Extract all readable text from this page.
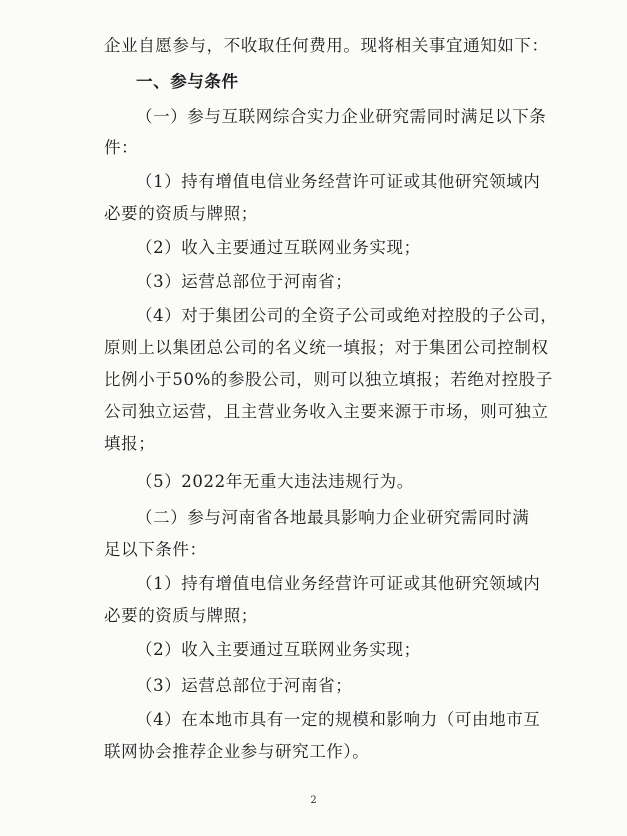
企业自愿参与，不收取任何费用。现将相关事宜通知如下：
一、参与条件
（一）参与互联网综合实力企业研究需同时满足以下条
件：
（1）持有增值电信业务经营许可证或其他研究领域内
必要的资质与牌照；
（2）收入主要通过互联网业务实现；
（3）运营总部位于河南省；
（4）对于集团公司的全资子公司或绝对控股的子公司，
原则上以集团总公司的名义统一填报；对于集团公司控制权
比例小于50%的参股公司，则可以独立填报；若绝对控股子
公司独立运营，且主营业务收入主要来源于市场，则可独立
填报；
（5）2022年无重大违法违规行为。
（二）参与河南省各地最具影响力企业研究需同时满
足以下条件：
（1）持有增值电信业务经营许可证或其他研究领域内
必要的资质与牌照；
（2）收入主要通过互联网业务实现；
（3）运营总部位于河南省；
（4）在本地市具有一定的规模和影响力（可由地市互
联网协会推荐企业参与研究工作）。
2
